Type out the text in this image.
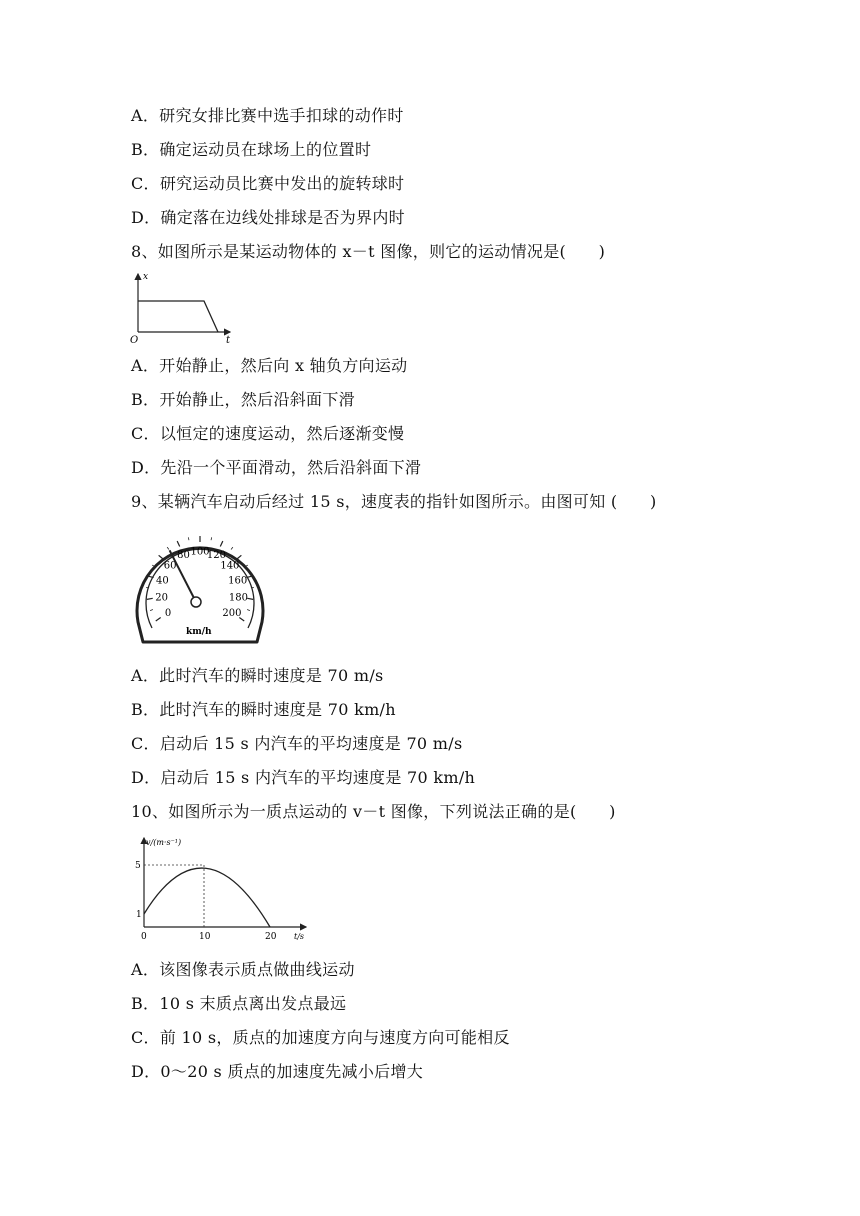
A．研究女排比赛中选手扣球的动作时
B．确定运动员在球场上的位置时
C．研究运动员比赛中发出的旋转球时
D．确定落在边线处排球是否为界内时
8、如图所示是某运动物体的 x－t 图像，则它的运动情况是(　　)
x
t
O
A．开始静止，然后向 x 轴负方向运动
B．开始静止，然后沿斜面下滑
C．以恒定的速度运动，然后逐渐变慢
D．先沿一个平面滑动，然后沿斜面下滑
9、某辆汽车启动后经过 15 s，速度表的指针如图所示。由图可知 (　　)
0
20
40
60
80 100
120
140
160
180
200
km/h
A．此时汽车的瞬时速度是 70 m/s
B．此时汽车的瞬时速度是 70 km/h
C．启动后 15 s 内汽车的平均速度是 70 m/s
D．启动后 15 s 内汽车的平均速度是 70 km/h
10、如图所示为一质点运动的 v－t 图像，下列说法正确的是(　　)
v/(m·s⁻¹)
t/s
5
1
0	10	20
A．该图像表示质点做曲线运动
B．10 s 末质点离出发点最远
C．前 10 s，质点的加速度方向与速度方向可能相反
D．0～20 s 质点的加速度先减小后增大
